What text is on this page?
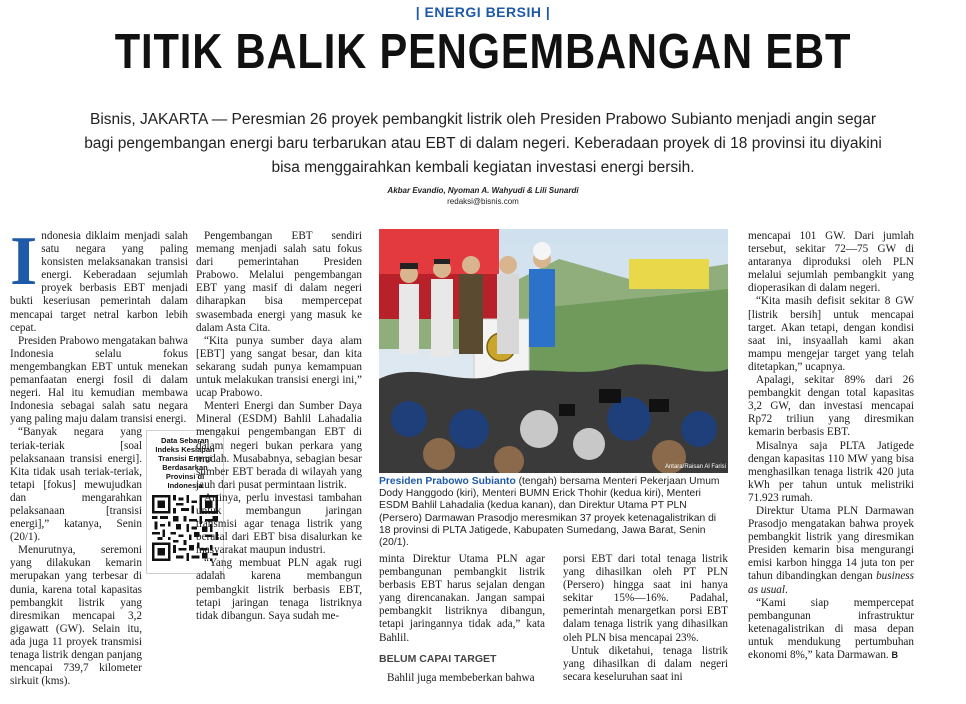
| ENERGI BERSIH |
TITIK BALIK PENGEMBANGAN EBT
Bisnis, JAKARTA — Peresmian 26 proyek pembangkit listrik oleh Presiden Prabowo Subianto menjadi angin segar bagi pengembangan energi baru terbarukan atau EBT di dalam negeri. Keberadaan proyek di 18 provinsi itu diyakini bisa menggairahkan kembali kegiatan investasi energi bersih.
Akbar Evandio, Nyoman A. Wahyudi & Lili Sunardi
redaksi@bisnis.com

Indonesia diklaim menjadi salah satu negara yang paling konsisten melaksanakan transisi energi. Keberadaan sejumlah proyek berbasis EBT menjadi bukti keseriusan pemerintah dalam mencapai target netral karbon lebih cepat.

Presiden Prabowo mengatakan bahwa Indonesia selalu fokus mengembangkan EBT untuk menekan pemanfaatan energi fosil di dalam negeri. Hal itu kemudian membawa Indonesia sebagai salah satu negara yang paling maju dalam transisi energi.

“Banyak negara yang teriak-teriak [soal pelaksanaan transisi energi]. Kita tidak usah teriak-teriak, tetapi [fokus] mewujudkan dan mengarahkan pelaksanaan [transisi energi],” katanya, Senin (20/1).

Menurutnya, seremoni yang dilakukan kemarin merupakan yang terbesar di dunia, karena total kapasitas pembangkit listrik yang diresmikan mencapai 3,2 gigawatt (GW). Selain itu, ada juga 11 proyek transmisi tenaga listrik dengan panjang mencapai 739,7 kilometer sirkuit (kms).

Data Sebaran Indeks Kesiapan Transisi Energi Berdasarkan Provinsi di Indonesia

Pengembangan EBT sendiri memang menjadi salah satu fokus dari pemerintahan Presiden Prabowo. Melalui pengembangan EBT yang masif di dalam negeri diharapkan bisa mempercepat swasembada energi yang masuk ke dalam Asta Cita.

“Kita punya sumber daya alam [EBT] yang sangat besar, dan kita sekarang sudah punya kemampuan untuk melakukan transisi energi ini,” ucap Prabowo.

Menteri Energi dan Sumber Daya Mineral (ESDM) Bahlil Lahadalia mengakui pengembangan EBT di dalam negeri bukan perkara yang mudah. Musababnya, sebagian besar sumber EBT berada di wilayah yang jauh dari pusat permintaan listrik.

Artinya, perlu investasi tambahan untuk membangun jaringan transmisi agar tenaga listrik yang berasal dari EBT bisa disalurkan ke masyarakat maupun industri.

“Yang membuat PLN agak rugi adalah karena membangun pembangkit listrik berbasis EBT, tetapi jaringan tenaga listriknya tidak dibangun. Saya sudah me-

Antara/Raisan Al Farisi
Presiden Prabowo Subianto (tengah) bersama Menteri Pekerjaan Umum Dody Hanggodo (kiri), Menteri BUMN Erick Thohir (kedua kiri), Menteri ESDM Bahlil Lahadalia (kedua kanan), dan Direktur Utama PT PLN (Persero) Darmawan Prasodjo meresmikan 37 proyek ketenagalistrikan di 18 provinsi di PLTA Jatigede, Kabupaten Sumedang, Jawa Barat, Senin (20/1).

minta Direktur Utama PLN agar pembangunan pembangkit listrik berbasis EBT harus sejalan dengan yang direncanakan. Jangan sampai pembangkit listriknya dibangun, tetapi jaringannya tidak ada,” kata Bahlil.

BELUM CAPAI TARGET

Bahlil juga membeberkan bahwa

porsi EBT dari total tenaga listrik yang dihasilkan oleh PT PLN (Persero) hingga saat ini hanya sekitar 15%—16%. Padahal, pemerintah menargetkan porsi EBT dalam tenaga listrik yang dihasilkan oleh PLN bisa mencapai 23%.

Untuk diketahui, tenaga listrik yang dihasilkan di dalam negeri secara keseluruhan saat ini

mencapai 101 GW. Dari jumlah tersebut, sekitar 72—75 GW di antaranya diproduksi oleh PLN melalui sejumlah pembangkit yang dioperasikan di dalam negeri.

“Kita masih defisit sekitar 8 GW [listrik bersih] untuk mencapai target. Akan tetapi, dengan kondisi saat ini, insyaallah kami akan mampu mengejar target yang telah ditetapkan,” ucapnya.

Apalagi, sekitar 89% dari 26 pembangkit dengan total kapasitas 3,2 GW, dan investasi mencapai Rp72 triliun yang diresmikan kemarin berbasis EBT.

Misalnya saja PLTA Jatigede dengan kapasitas 110 MW yang bisa menghasilkan tenaga listrik 420 juta kWh per tahun untuk melistriki 71.923 rumah.

Direktur Utama PLN Darmawan Prasodjo mengatakan bahwa proyek pembangkit listrik yang diresmikan Presiden kemarin bisa mengurangi emisi karbon hingga 14 juta ton per tahun dibandingkan dengan business as usual.

“Kami siap mempercepat pembangunan infrastruktur ketenagalistrikan di masa depan untuk mendukung pertumbuhan ekonomi 8%,” kata Darmawan. B
